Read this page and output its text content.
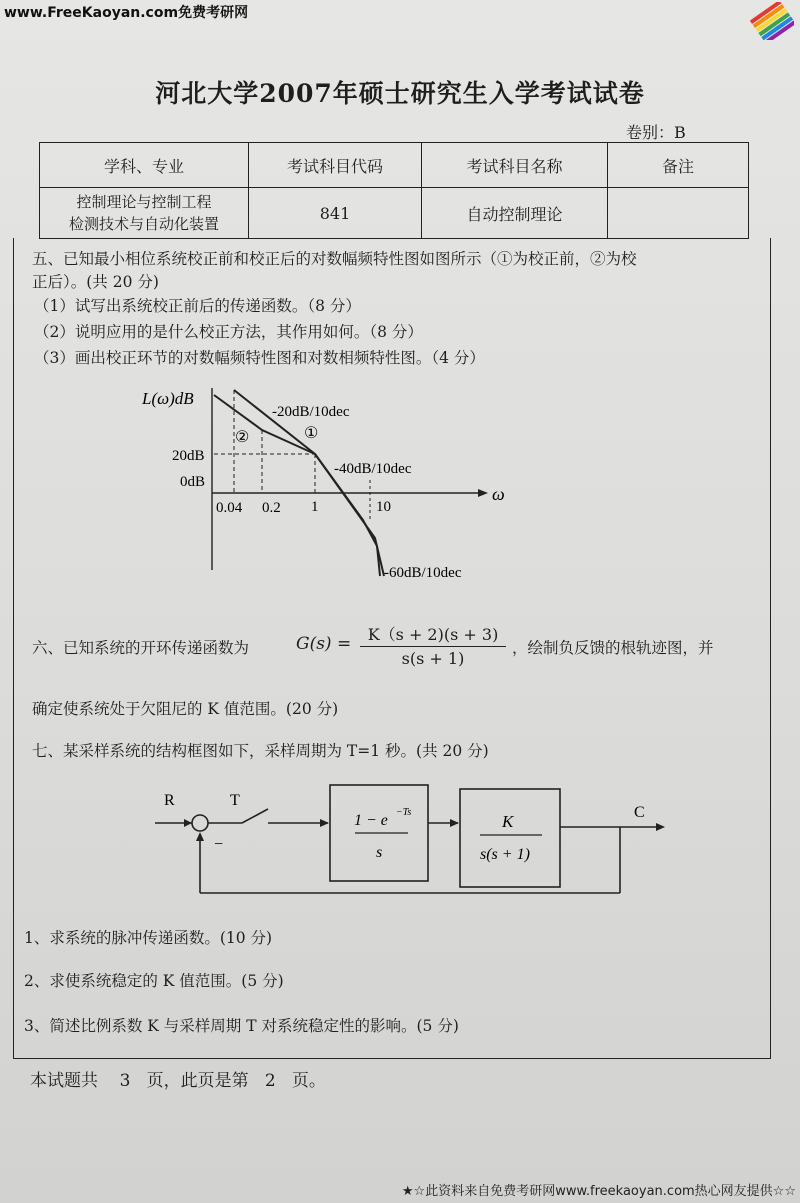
www.FreeKaoyan.com免费考研网
河北大学2007年硕士研究生入学考试试卷
卷别：B
学科、专业	考试科目代码	考试科目名称	备注
控制理论与控制工程
检测技术与自动化装置	841	自动控制理论	
五、已知最小相位系统校正前和校正后的对数幅频特性图如图所示（①为校正前，②为校
正后）。(共 20 分)
（1）试写出系统校正前后的传递函数。（8 分）
（2）说明应用的是什么校正方法，其作用如何。（8 分）
（3）画出校正环节的对数幅频特性图和对数相频特性图。（4 分）
L(ω)dB
20dB
0dB
0.04 0.2 1	10
②	①
-20dB/10dec
-40dB/10dec
-60dB/10dec
ω
六、已知系统的开环传递函数为	G(s) =	K（s + 2)(s + 3)
s(s + 1)
，绘制负反馈的根轨迹图，并
确定使系统处于欠阻尼的 K 值范围。(20 分)
七、某采样系统的结构框图如下，采样周期为 T=1 秒。(共 20 分)
R	T
−
1 − e −Ts
s
K
s(s + 1)
C
1、求系统的脉冲传递函数。(10 分)
2、求使系统稳定的 K 值范围。(5 分)
3、简述比例系数 K 与采样周期 T 对系统稳定性的影响。(5 分)
本试题共    3   页，此页是第   2   页。
★☆此资料来自免费考研网www.freekaoyan.com热心网友提供☆☆
